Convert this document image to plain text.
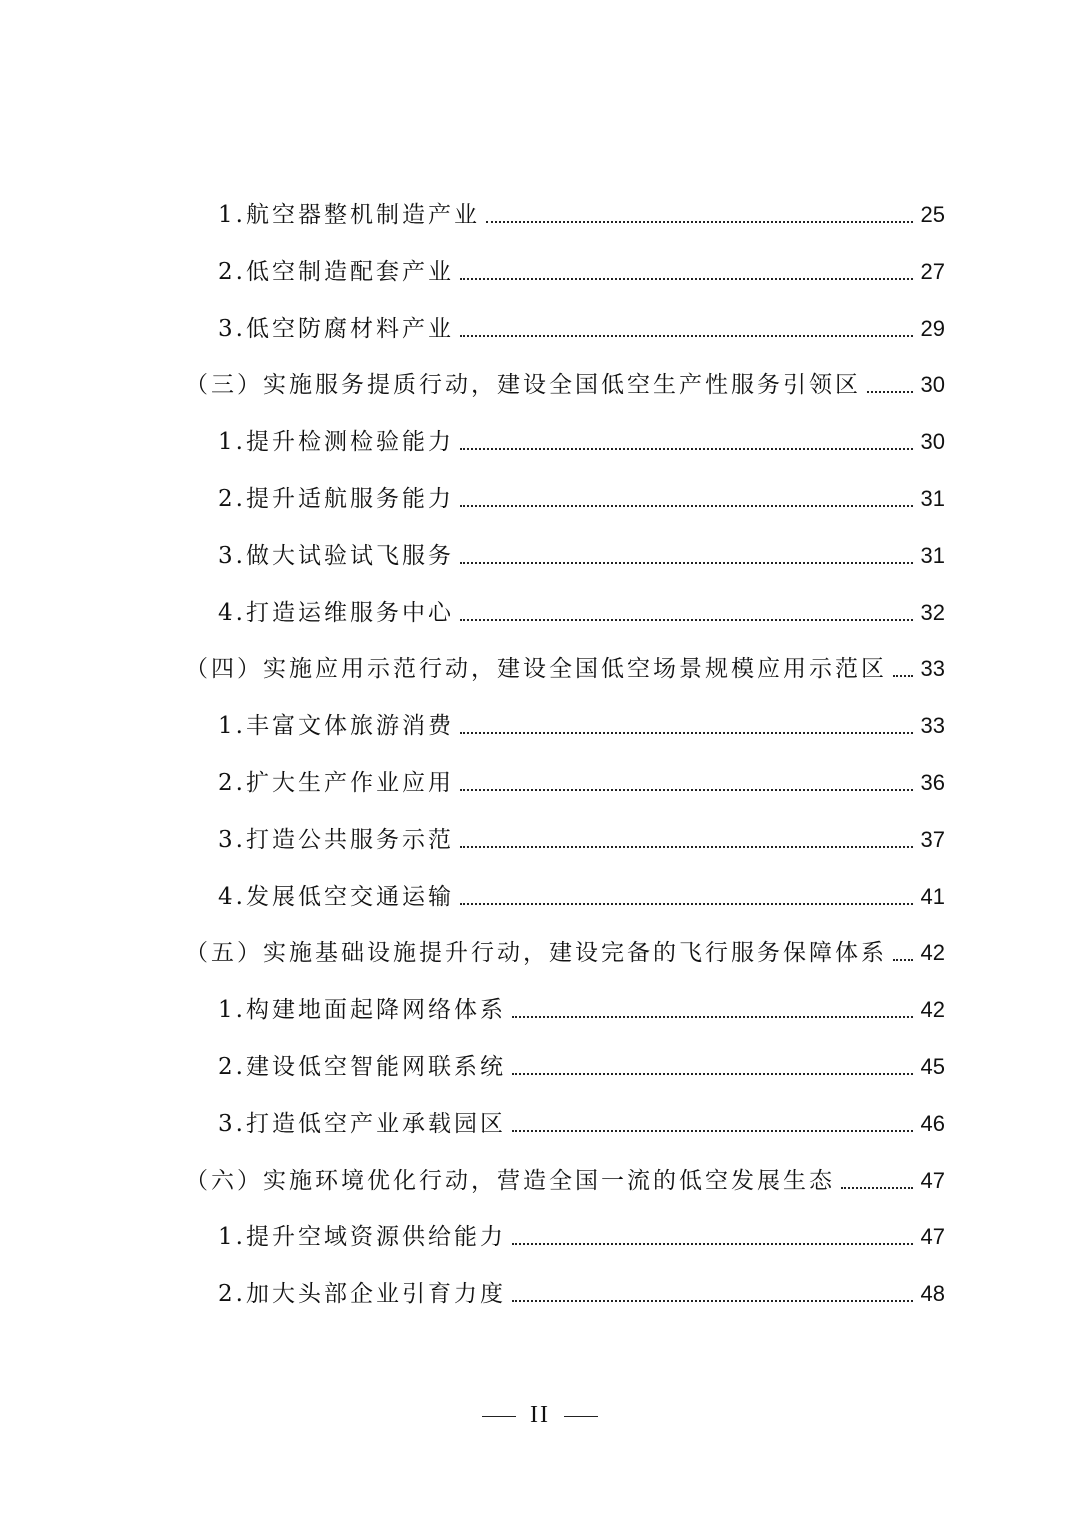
1.航空器整机制造产业	25
2.低空制造配套产业	27
3.低空防腐材料产业	29
（三）实施服务提质行动，建设全国低空生产性服务引领区	30
1.提升检测检验能力	30
2.提升适航服务能力	31
3.做大试验试飞服务	31
4.打造运维服务中心	32
（四）实施应用示范行动，建设全国低空场景规模应用示范区 33
1.丰富文体旅游消费	33
2.扩大生产作业应用	36
3.打造公共服务示范	37
4.发展低空交通运输	41
（五）实施基础设施提升行动，建设完备的飞行服务保障体系 42
1.构建地面起降网络体系	42
2.建设低空智能网联系统	45
3.打造低空产业承载园区	46
（六）实施环境优化行动，营造全国一流的低空发展生态	47
1.提升空域资源供给能力	47
2.加大头部企业引育力度	48
II
